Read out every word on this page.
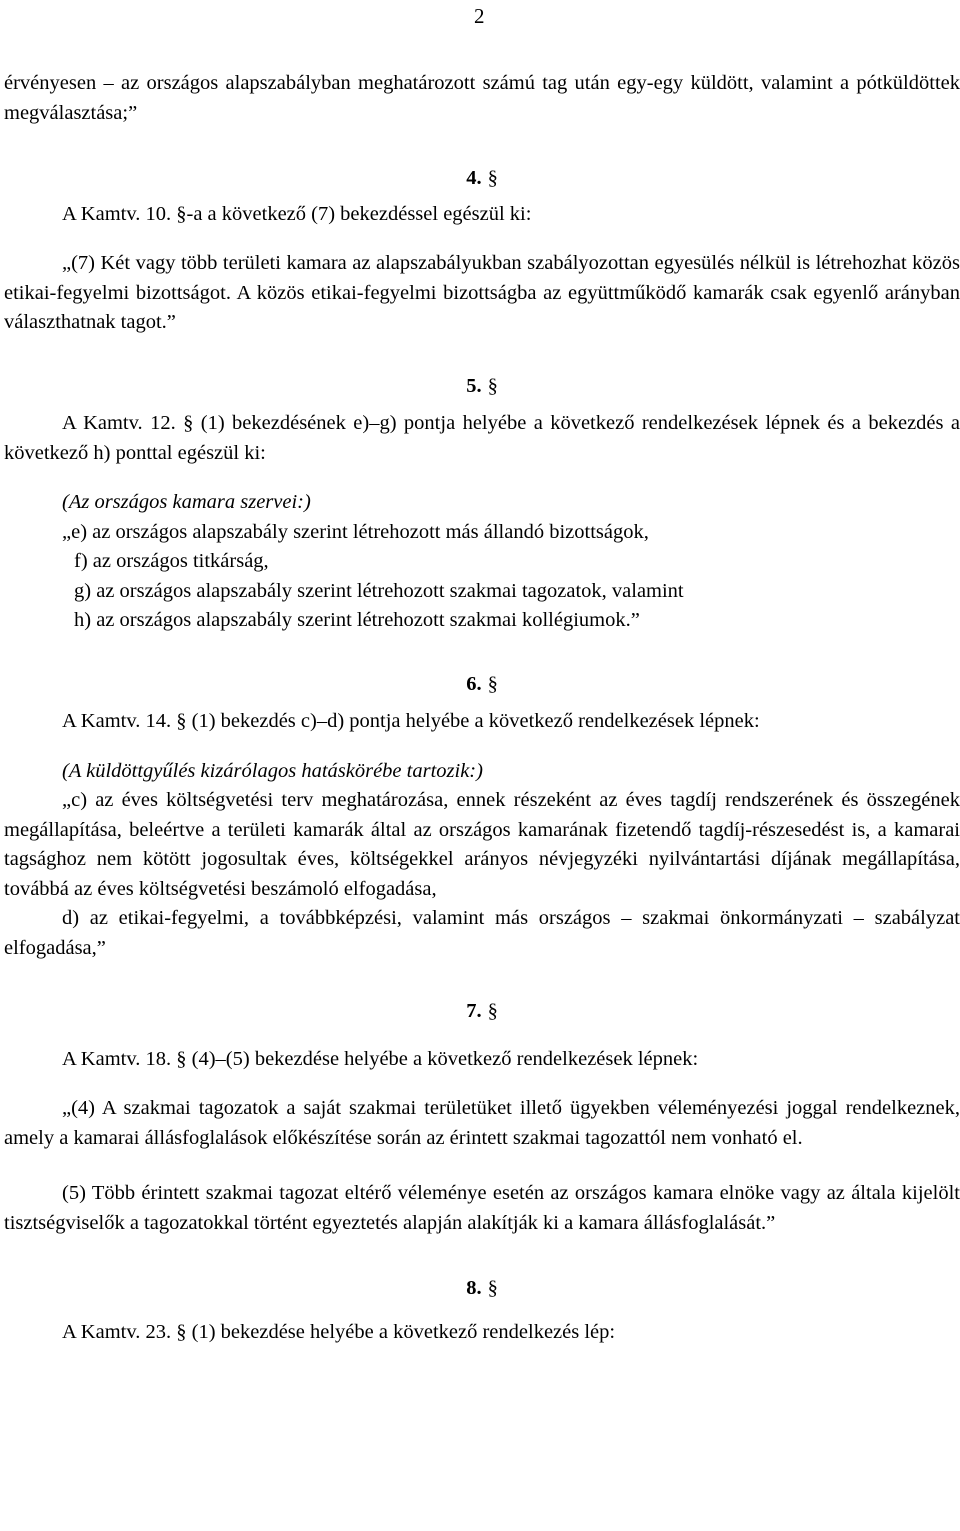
2

érvényesen – az országos alapszabályban meghatározott számú tag után egy-egy küldött, valamint a pótküldöttek megválasztása;”

4. §

A Kamtv. 10. §-a a következő (7) bekezdéssel egészül ki:

„(7) Két vagy több területi kamara az alapszabályukban szabályozottan egyesülés nélkül is létrehozhat közös etikai-fegyelmi bizottságot. A közös etikai-fegyelmi bizottságba az együttműködő kamarák csak egyenlő arányban választhatnak tagot.”

5. §

A Kamtv. 12. § (1) bekezdésének e)–g) pontja helyébe a következő rendelkezések lépnek és a bekezdés a következő h) ponttal egészül ki:

(Az országos kamara szervei:)

„e) az országos alapszabály szerint létrehozott más állandó bizottságok,

f) az országos titkárság,

g) az országos alapszabály szerint létrehozott szakmai tagozatok, valamint

h) az országos alapszabály szerint létrehozott szakmai kollégiumok.”

6. §

A Kamtv. 14. § (1) bekezdés c)–d) pontja helyébe a következő rendelkezések lépnek:

(A küldöttgyűlés kizárólagos hatáskörébe tartozik:)

„c) az éves költségvetési terv meghatározása, ennek részeként az éves tagdíj rendszerének és összegének megállapítása, beleértve a területi kamarák által az országos kamarának fizetendő tagdíj-részesedést is, a kamarai tagsághoz nem kötött jogosultak éves, költségekkel arányos névjegyzéki nyilvántartási díjának megállapítása, továbbá az éves költségvetési beszámoló elfogadása,

d) az etikai-fegyelmi, a továbbképzési, valamint más országos – szakmai önkormányzati – szabályzat elfogadása,”

7. §

A Kamtv. 18. § (4)–(5) bekezdése helyébe a következő rendelkezések lépnek:

„(4) A szakmai tagozatok a saját szakmai területüket illető ügyekben véleményezési joggal rendelkeznek, amely a kamarai állásfoglalások előkészítése során az érintett szakmai tagozattól nem vonható el.

(5) Több érintett szakmai tagozat eltérő véleménye esetén az országos kamara elnöke vagy az általa kijelölt tisztségviselők a tagozatokkal történt egyeztetés alapján alakítják ki a kamara állásfoglalását.”

8. §

A Kamtv. 23. § (1) bekezdése helyébe a következő rendelkezés lép:
